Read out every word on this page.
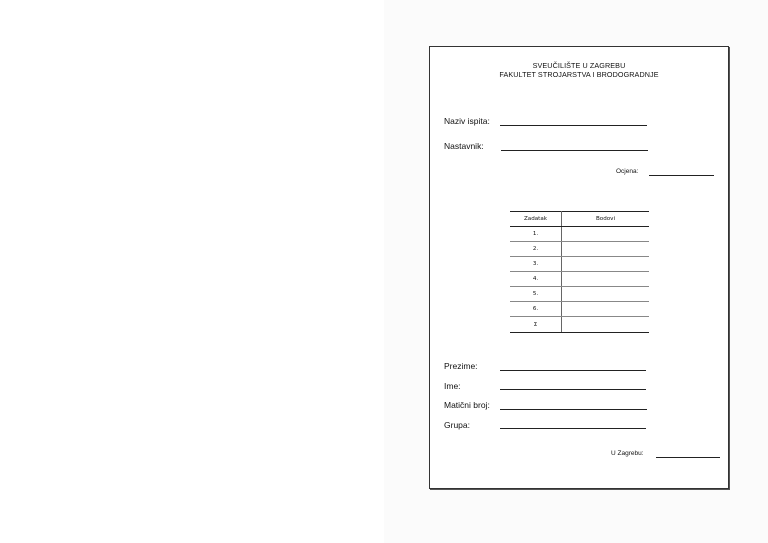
SVEUČILIŠTE U ZAGREBU
FAKULTET STROJARSTVA I BRODOGRADNJE
Naziv ispita:
Nastavnik:
Ocjena:
Zadatak	Bodovi
1.	
2.	
3.	
4.	
5.	
6.	
Σ	
Prezime:
Ime:
Matični broj:
Grupa:
U Zagrebu:
